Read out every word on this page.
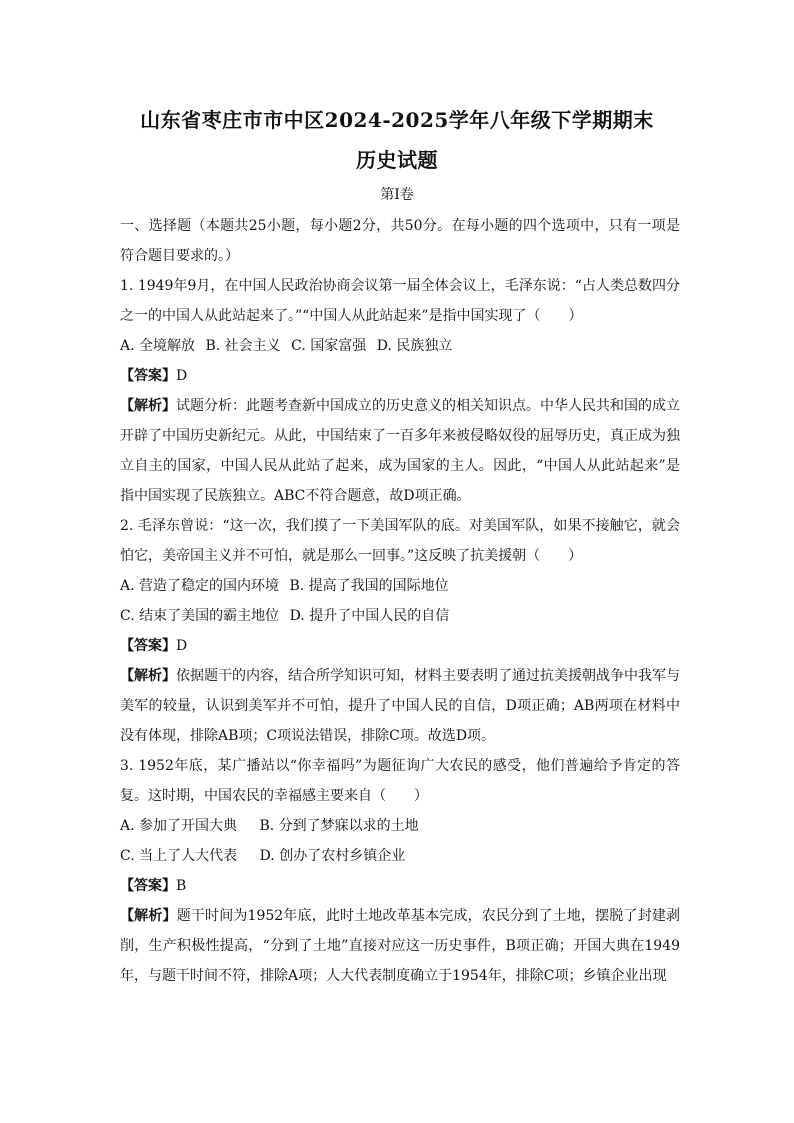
山东省枣庄市市中区2024-2025学年八年级下学期期末
历史试题
第I卷

一、选择题（本题共25小题，每小题2分，共50分。在每小题的四个选项中，只有一项是符合题目要求的。）

1. 1949年9月，在中国人民政治协商会议第一届全体会议上，毛泽东说：“占人类总数四分之一的中国人从此站起来了。”“中国人从此站起来”是指中国实现了（　　）

A. 全境解放 B. 社会主义 C. 国家富强 D. 民族独立

【答案】D

【解析】试题分析：此题考查新中国成立的历史意义的相关知识点。中华人民共和国的成立开辟了中国历史新纪元。从此，中国结束了一百多年来被侵略奴役的屈辱历史，真正成为独立自主的国家，中国人民从此站了起来，成为国家的主人。因此，“中国人从此站起来”是指中国实现了民族独立。ABC不符合题意，故D项正确。

2. 毛泽东曾说：“这一次，我们摸了一下美国军队的底。对美国军队，如果不接触它，就会怕它，美帝国主义并不可怕，就是那么一回事。”这反映了抗美援朝（　　）

A. 营造了稳定的国内环境 B. 提高了我国的国际地位

C. 结束了美国的霸主地位 D. 提升了中国人民的自信

【答案】D

【解析】依据题干的内容，结合所学知识可知，材料主要表明了通过抗美援朝战争中我军与美军的较量，认识到美军并不可怕，提升了中国人民的自信，D项正确；AB两项在材料中没有体现，排除AB项；C项说法错误，排除C项。故选D项。

3. 1952年底，某广播站以“你幸福吗”为题征询广大农民的感受，他们普遍给予肯定的答复。这时期，中国农民的幸福感主要来自（　　）

A. 参加了开国大典 B. 分到了梦寐以求的土地

C. 当上了人大代表 D. 创办了农村乡镇企业

【答案】B

【解析】题干时间为1952年底，此时土地改革基本完成，农民分到了土地，摆脱了封建剥削，生产积极性提高，“分到了土地”直接对应这一历史事件，B项正确；开国大典在1949年，与题干时间不符，排除A项；人大代表制度确立于1954年，排除C项；乡镇企业出现
